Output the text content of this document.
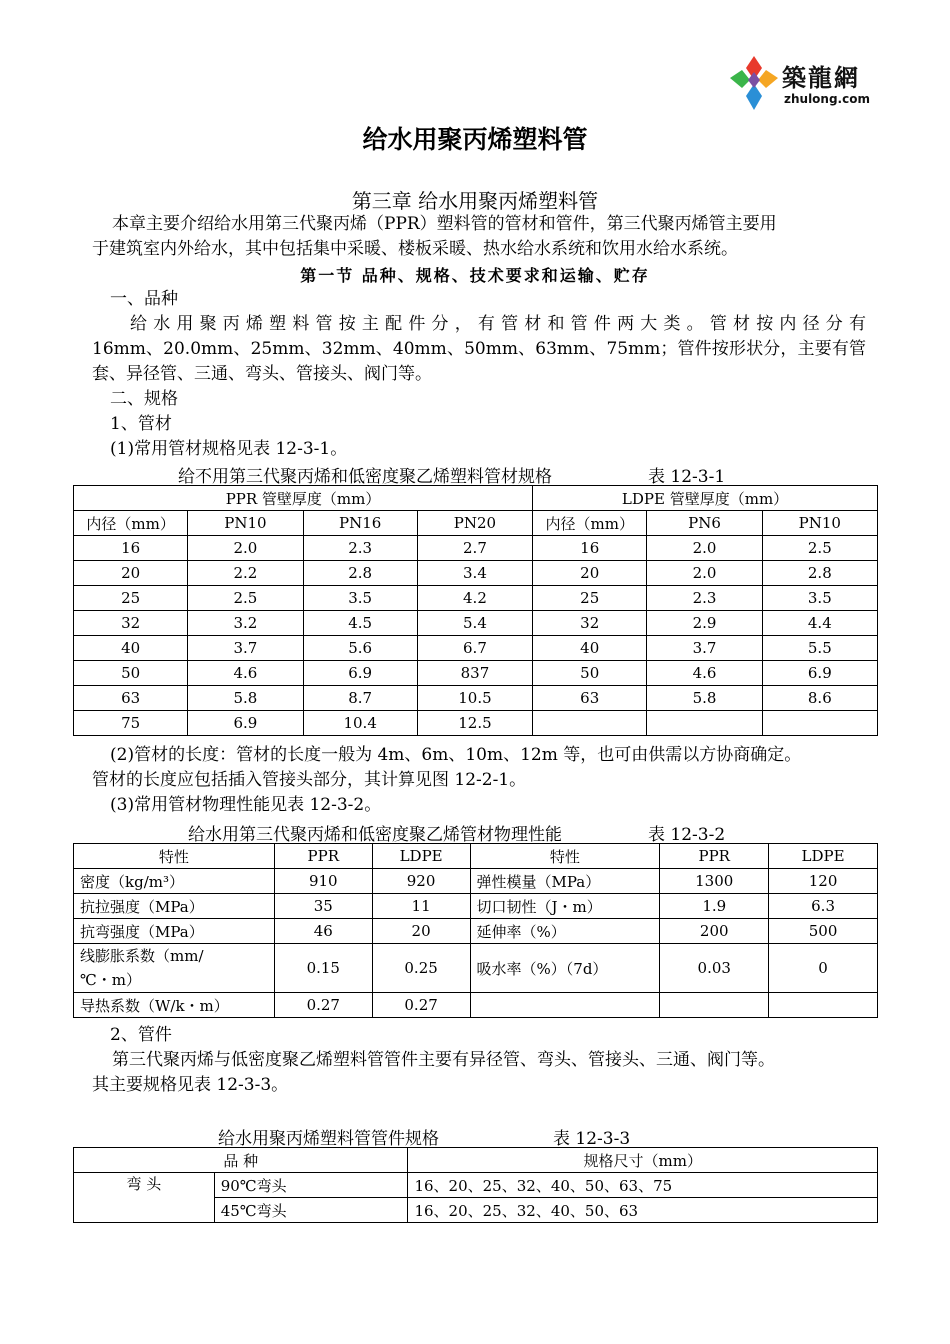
築龍網
zhulong.com
给水用聚丙烯塑料管
第三章 给水用聚丙烯塑料管
本章主要介绍给水用第三代聚丙烯（PPR）塑料管的管材和管件，第三代聚丙烯管主要用
于建筑室内外给水，其中包括集中采暖、楼板采暖、热水给水系统和饮用水给水系统。
第一节 品种、规格、技术要求和运输、贮存
一、品种
给水用聚丙烯塑料管按主配件分，有管材和管件两大类。管材按内径分有
16mm、20.0mm、25mm、32mm、40mm、50mm、63mm、75mm；管件按形状分，主要有管
套、异径管、三通、弯头、管接头、阀门等。
二、规格
1、管材
(1)常用管材规格见表 12-3-1。
给不用第三代聚丙烯和低密度聚乙烯塑料管材规格	表 12-3-1
PPR 管壁厚度（mm）				LDPE 管壁厚度（mm）		
内径（mm）	PN10	PN16	PN20	内径（mm）	PN6	PN10
16	2.0	2.3	2.7	16	2.0	2.5
20	2.2	2.8	3.4	20	2.0	2.8
25	2.5	3.5	4.2	25	2.3	3.5
32	3.2	4.5	5.4	32	2.9	4.4
40	3.7	5.6	6.7	40	3.7	5.5
50	4.6	6.9	837	50	4.6	6.9
63	5.8	8.7	10.5	63	5.8	8.6
75	6.9	10.4	12.5			
(2)管材的长度：管材的长度一般为 4m、6m、10m、12m 等，也可由供需以方协商确定。
管材的长度应包括插入管接头部分，其计算见图 12-2-1。
(3)常用管材物理性能见表 12-3-2。
给水用第三代聚丙烯和低密度聚乙烯管材物理性能	表 12-3-2
特性	PPR	LDPE	特性	PPR	LDPE
密度（kg/m³）	910	920	弹性模量（MPa）	1300	120
抗拉强度（MPa）	35	11	切口韧性（J・m）	1.9	6.3
抗弯强度（MPa）	46	20	延伸率（%）	200	500

线膨胀系数（mm/
℃・m）	0.15	0.25	吸水率（%）（7d）	0.03	0
导热系数（W/k・m）	0.27	0.27			
2、管件
第三代聚丙烯与低密度聚乙烯塑料管管件主要有异径管、弯头、管接头、三通、阀门等。
其主要规格见表 12-3-3。
给水用聚丙烯塑料管管件规格	表 12-3-3
品 种		规格尺寸（mm）
弯 头	90℃弯头	16、20、25、32、40、50、63、75
	45℃弯头	16、20、25、32、40、50、63
